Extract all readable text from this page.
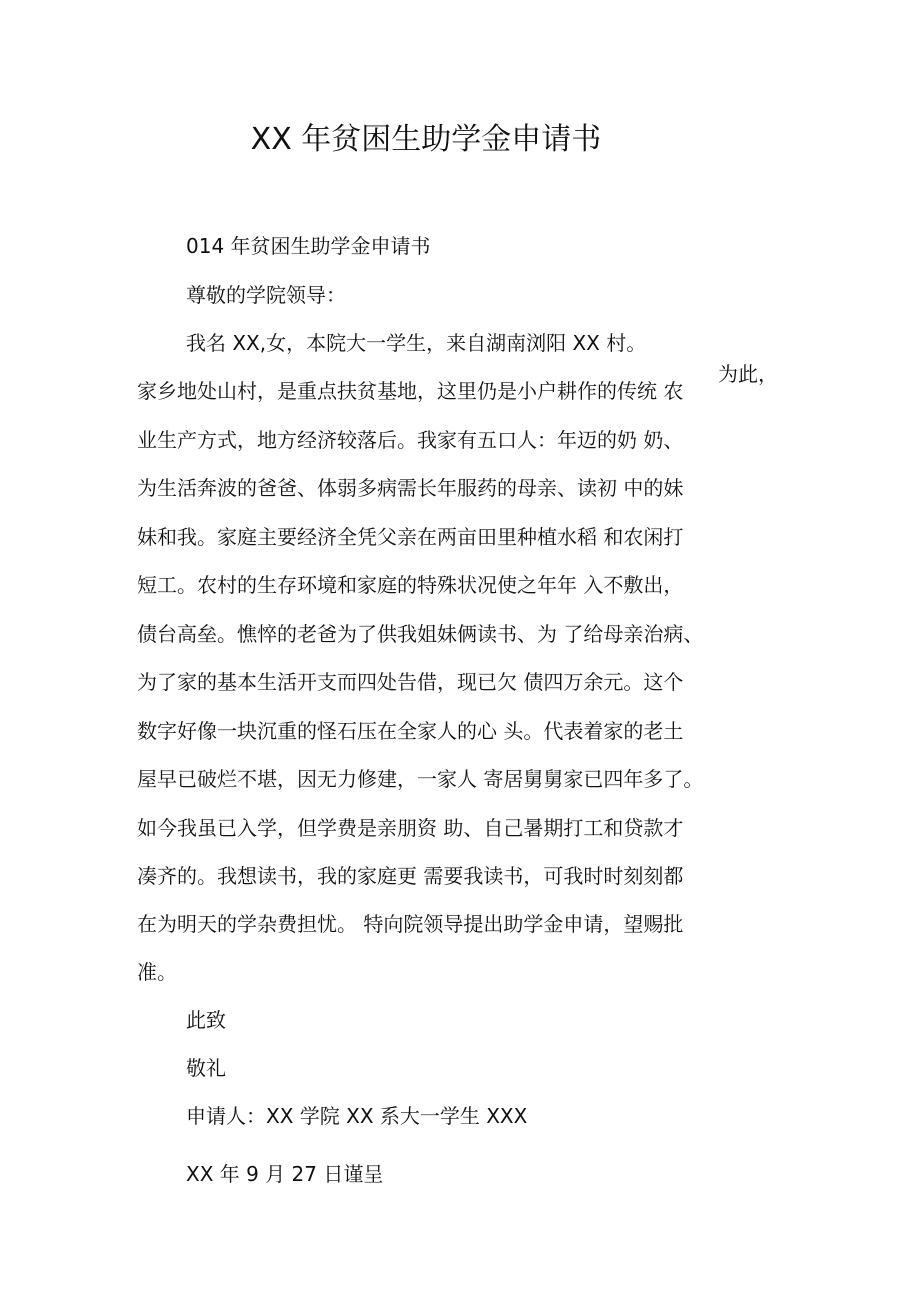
XX 年贫困生助学金申请书
014 年贫困生助学金申请书
尊敬的学院领导：
我名 XX,女，本院大一学生，来自湖南浏阳 XX 村。
为此，
家乡地处山村，是重点扶贫基地，这里仍是小户耕作的传统 农
业生产方式，地方经济较落后。我家有五口人：年迈的奶 奶、
为生活奔波的爸爸、体弱多病需长年服药的母亲、读初 中的妹
妹和我。家庭主要经济全凭父亲在两亩田里种植水稻 和农闲打
短工。农村的生存环境和家庭的特殊状况使之年年 入不敷出，
债台高垒。憔悴的老爸为了供我姐妹俩读书、为 了给母亲治病、
为了家的基本生活开支而四处告借，现已欠 债四万余元。这个
数字好像一块沉重的怪石压在全家人的心 头。代表着家的老土
屋早已破烂不堪，因无力修建，一家人 寄居舅舅家已四年多了。
如今我虽已入学，但学费是亲朋资 助、自己暑期打工和贷款才
凑齐的。我想读书，我的家庭更 需要我读书，可我时时刻刻都
在为明天的学杂费担忧。 特向院领导提出助学金申请，望赐批
准。
此致
敬礼
申请人：XX 学院 XX 系大一学生 XXX
XX 年 9 月 27 日谨呈
